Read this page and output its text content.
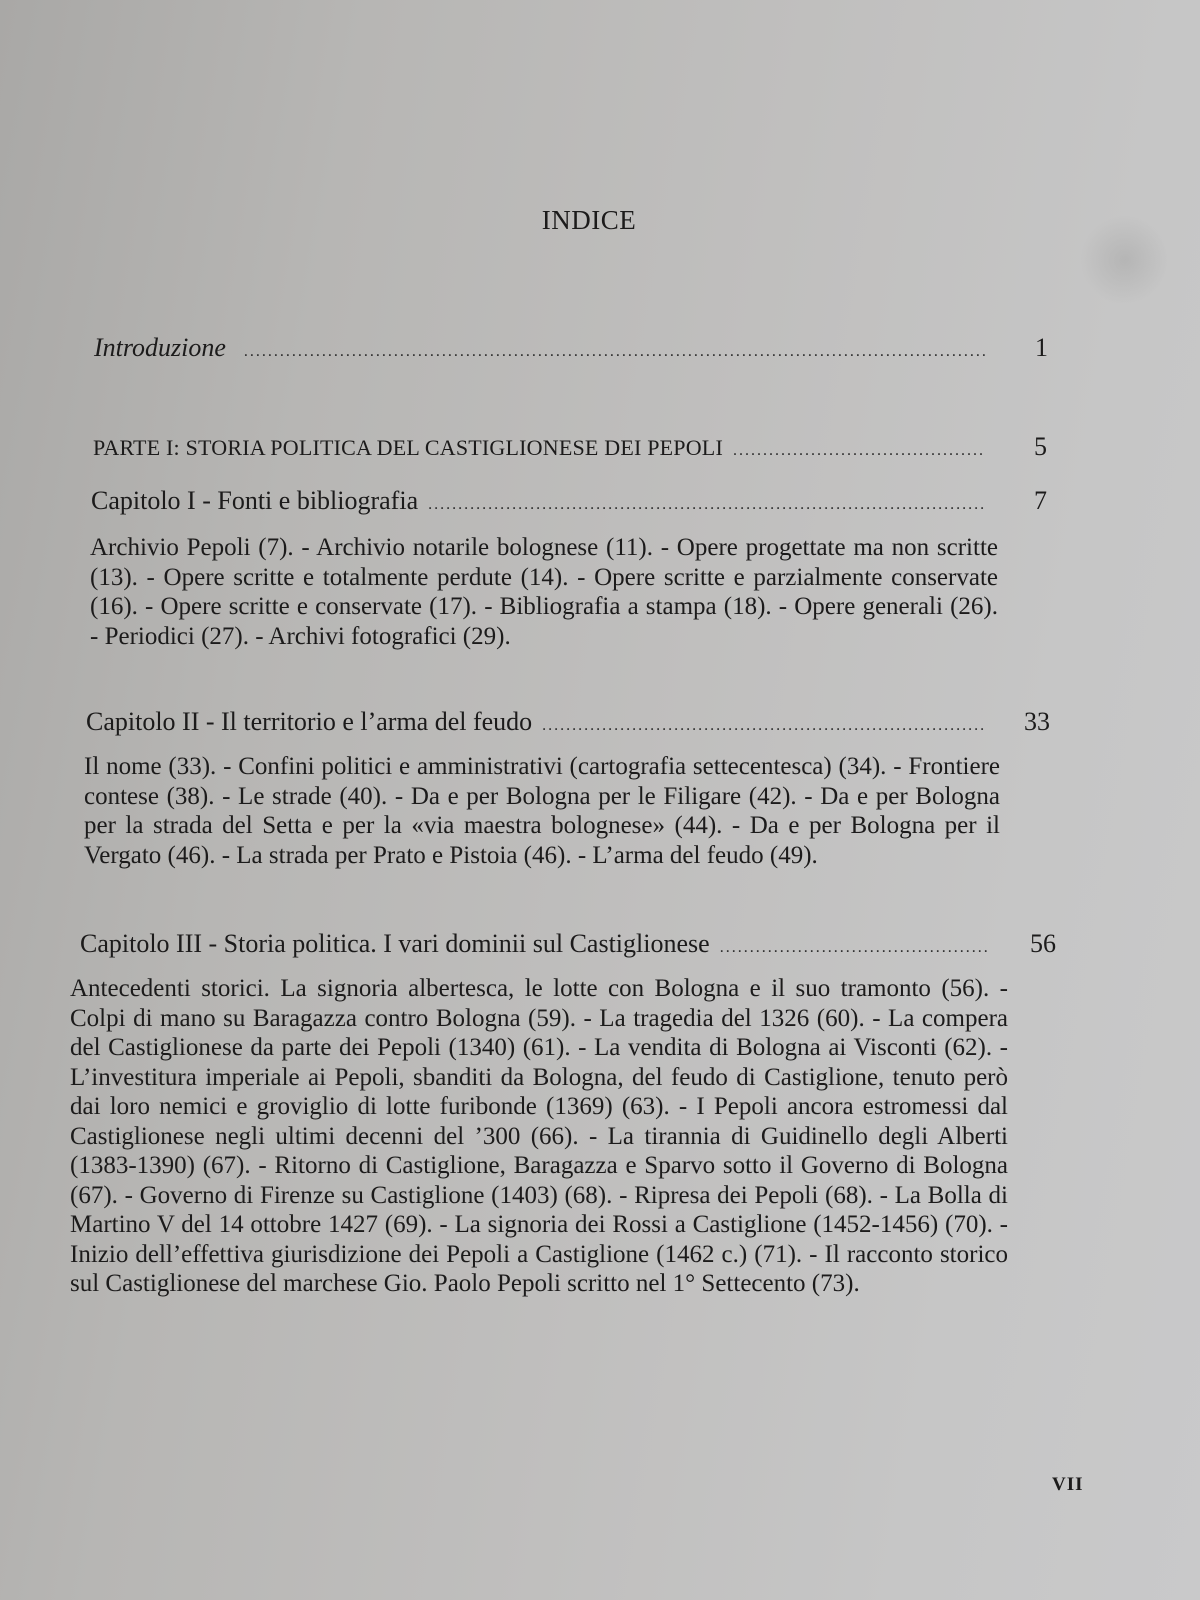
INDICE
Introduzione .....	1
PARTE I: STORIA POLITICA DEL CASTIGLIONESE DEI PEPOLI .....	5
Capitolo I - Fonti e bibliografia .....	7
Archivio Pepoli (7). - Archivio notarile bolognese (11). - Opere progettate ma non scritte (13). - Opere scritte e totalmente perdute (14). - Opere scritte e parzialmente conservate (16). - Opere scritte e conservate (17). - Bibliografia a stampa (18). - Opere generali (26). - Periodici (27). - Archivi fotografici (29).
Capitolo II - Il territorio e l’arma del feudo .....	33
Il nome (33). - Confini politici e amministrativi (cartografia settecentesca) (34). - Frontiere contese (38). - Le strade (40). - Da e per Bologna per le Filigare (42). - Da e per Bologna per la strada del Setta e per la «via maestra bolognese» (44). - Da e per Bologna per il Vergato (46). - La strada per Prato e Pistoia (46). - L’arma del feudo (49).
Capitolo III - Storia politica. I vari dominii sul Castiglionese .....	56
Antecedenti storici. La signoria albertesca, le lotte con Bologna e il suo tramonto (56). - Colpi di mano su Baragazza contro Bologna (59). - La tragedia del 1326 (60). - La compera del Castiglionese da parte dei Pepoli (1340) (61). - La vendita di Bologna ai Visconti (62). - L’investitura imperiale ai Pepoli, sbanditi da Bologna, del feudo di Castiglione, tenuto però dai loro nemici e groviglio di lotte furibonde (1369) (63). - I Pepoli ancora estromessi dal Castiglionese negli ultimi decenni del ’300 (66). - La tirannia di Guidinello degli Alberti (1383-1390) (67). - Ritorno di Castiglione, Baragazza e Sparvo sotto il Governo di Bologna (67). - Governo di Firenze su Castiglione (1403) (68). - Ripresa dei Pepoli (68). - La Bolla di Martino V del 14 ottobre 1427 (69). - La signoria dei Rossi a Castiglione (1452-1456) (70). - Inizio dell’effettiva giurisdizione dei Pepoli a Castiglione (1462 c.) (71). - Il racconto storico sul Castiglionese del marchese Gio. Paolo Pepoli scritto nel 1° Settecento (73).
VII
